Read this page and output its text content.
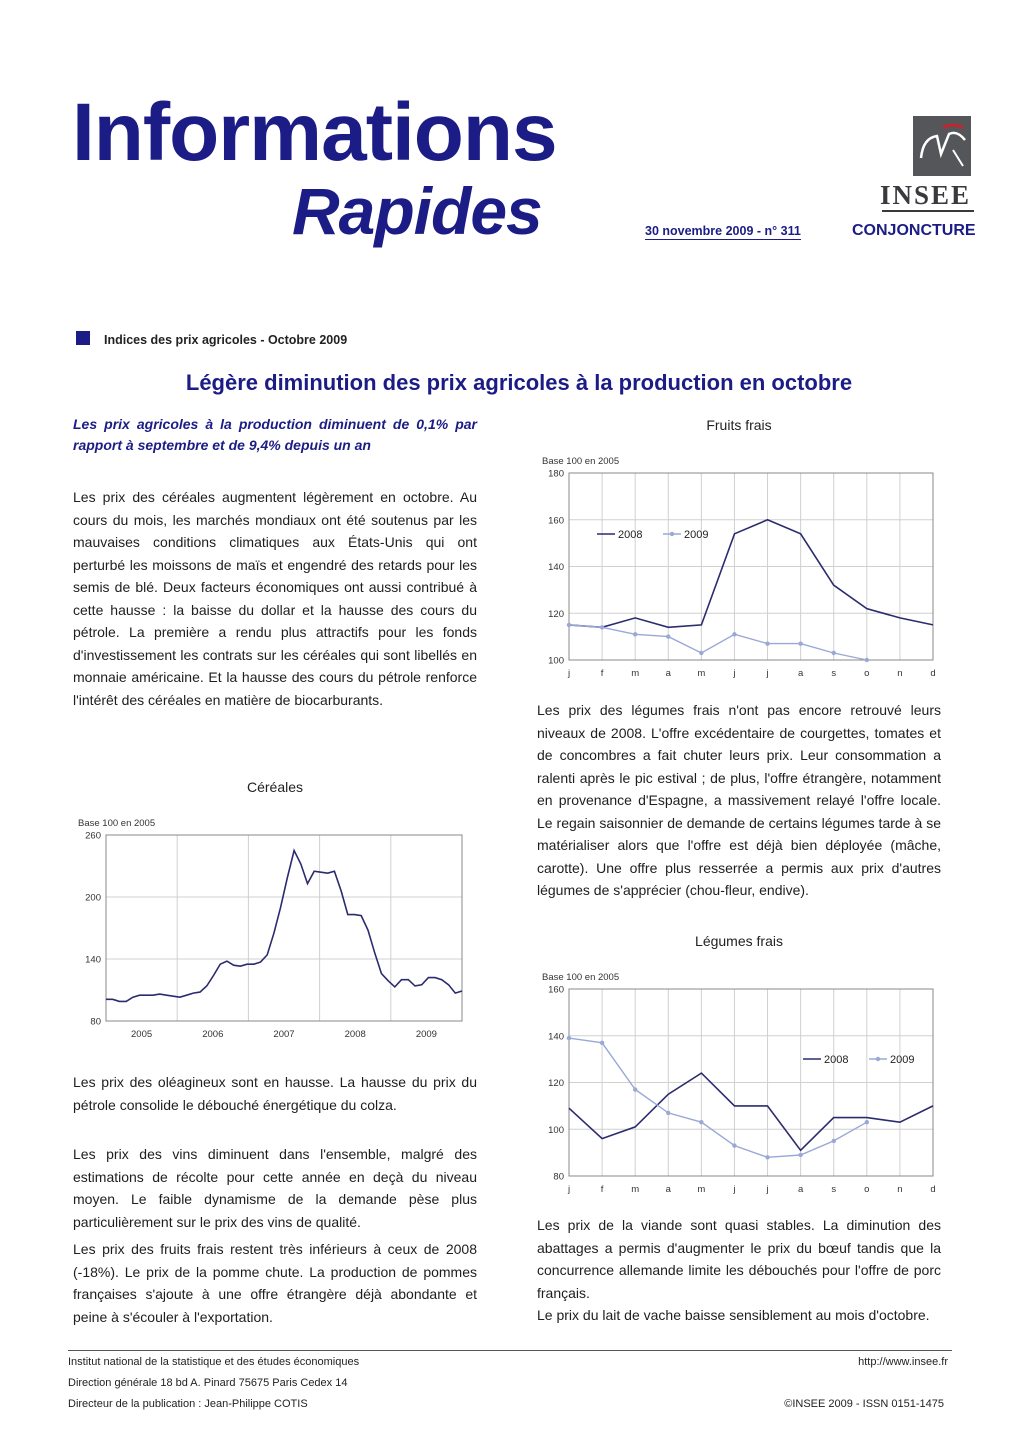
Informations
Rapides	30 novembre 2009 - n° 311
INSEE
CONJONCTURE
Indices des prix agricoles - Octobre 2009
Légère diminution des prix agricoles à la production en octobre
Les prix agricoles à la production diminuent de 0,1% par rapport à septembre et de 9,4% depuis un an
Les prix des céréales augmentent légèrement en octobre. Au cours du mois, les marchés mondiaux ont été soutenus par les mauvaises conditions climatiques aux États-Unis qui ont perturbé les moissons de maïs et engendré des retards pour les semis de blé. Deux facteurs économiques ont aussi contribué à cette hausse : la baisse du dollar et la hausse des cours du pétrole. La première a rendu plus attractifs pour les fonds d'investissement les contrats sur les céréales qui sont libellés en monnaie américaine. Et la hausse des cours du pétrole renforce l'intérêt des céréales en matière de biocarburants.
Céréales
Base 100 en 2005
80
140
200
260
2005	2006	2007	2008	2009
Les prix des oléagineux sont en hausse. La hausse du prix du pétrole consolide le débouché énergétique du colza.
Les prix des vins diminuent dans l'ensemble, malgré des estimations de récolte pour cette année en deçà du niveau moyen. Le faible dynamisme de la demande pèse plus particulièrement sur le prix des vins de qualité.
Les prix des fruits frais restent très inférieurs à ceux de 2008 (-18%). Le prix de la pomme chute. La production de pommes françaises s'ajoute à une offre étrangère déjà abondante et peine à s'écouler à l'exportation.
Fruits frais
Base 100 en 2005
100
120
140
160
180
j	f	m	a	m	j	j	a	s	o	n	d
2008	2009
Les prix des légumes frais n'ont pas encore retrouvé leurs niveaux de 2008. L'offre excédentaire de courgettes, tomates et de concombres a fait chuter leurs prix. Leur consommation a ralenti après le pic estival ; de plus, l'offre étrangère, notamment en provenance d'Espagne, a massivement relayé l'offre locale. Le regain saisonnier de demande de certains légumes tarde à se matérialiser alors que l'offre est déjà bien déployée (mâche, carotte). Une offre plus resserrée a permis aux prix d'autres légumes de s'apprécier (chou-fleur, endive).
Légumes frais
Base 100 en 2005
80
100
120
140
160
j	f	m	a	m	j	j	a	s	o	n	d
2008	2009
Les prix de la viande sont quasi stables. La diminution des abattages a permis d'augmenter le prix du bœuf tandis que la concurrence allemande limite les débouchés pour l'offre de porc français.
Le prix du lait de vache baisse sensiblement au mois d'octobre.
Institut national de la statistique et des études économiques
Direction générale 18 bd A. Pinard 75675 Paris Cedex 14
Directeur de la publication : Jean-Philippe COTIS
http://www.insee.fr
©INSEE 2009 - ISSN 0151-1475
